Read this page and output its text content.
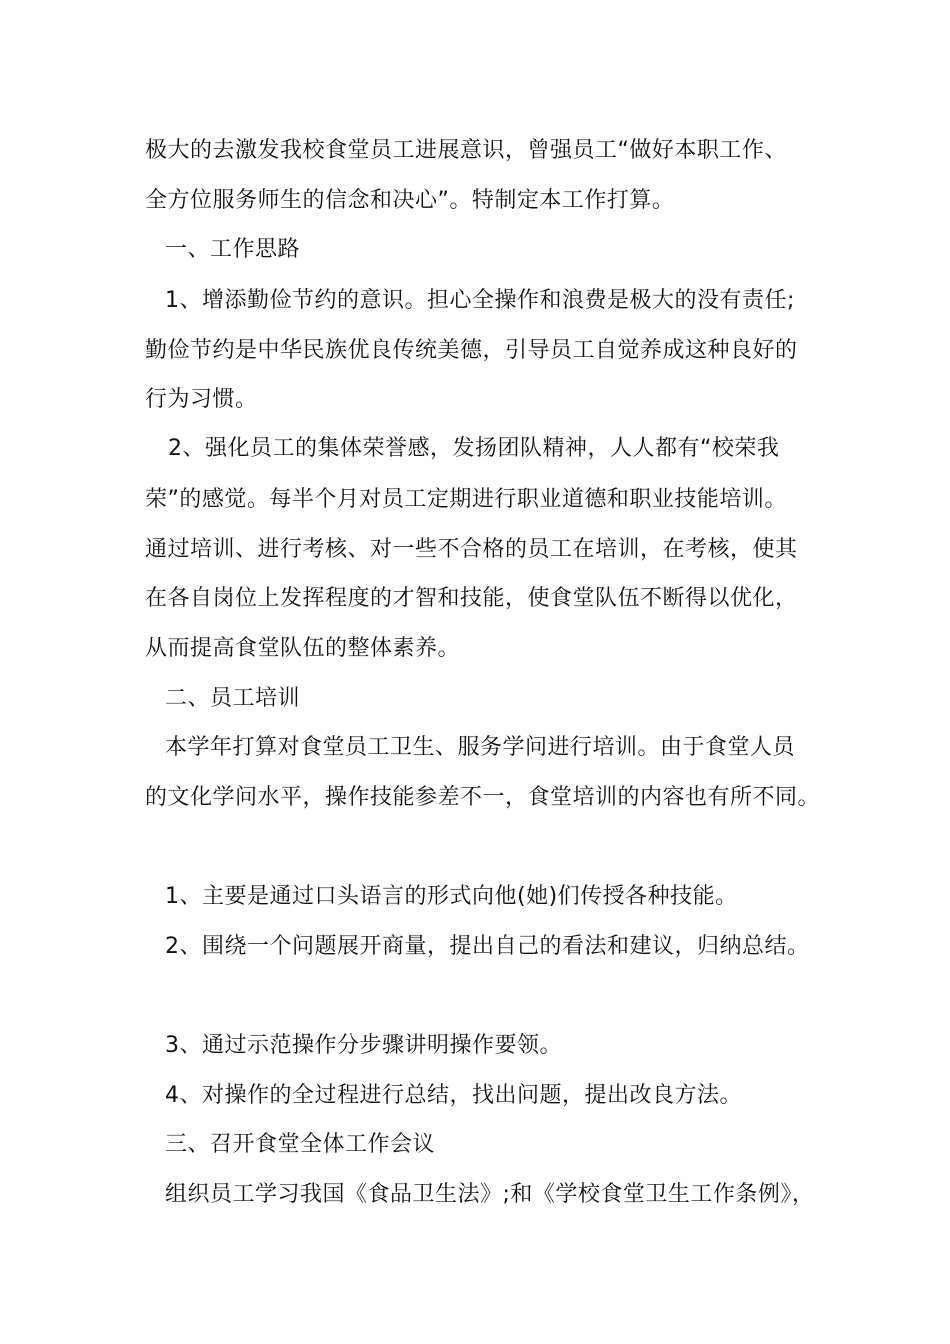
极大的去激发我校食堂员工进展意识，曾强员工“做好本职工作、
全方位服务师生的信念和决心”。特制定本工作打算。
一、工作思路
1、增添勤俭节约的意识。担心全操作和浪费是极大的没有责任;
勤俭节约是中华民族优良传统美德，引导员工自觉养成这种良好的
行为习惯。
2、强化员工的集体荣誉感，发扬团队精神，人人都有“校荣我
荣”的感觉。每半个月对员工定期进行职业道德和职业技能培训。
通过培训、进行考核、对一些不合格的员工在培训，在考核，使其
在各自岗位上发挥程度的才智和技能，使食堂队伍不断得以优化，
从而提高食堂队伍的整体素养。
二、员工培训
本学年打算对食堂员工卫生、服务学问进行培训。由于食堂人员
的文化学问水平，操作技能参差不一，食堂培训的内容也有所不同。
1、主要是通过口头语言的形式向他(她)们传授各种技能。
2、围绕一个问题展开商量，提出自己的看法和建议，归纳总结。
3、通过示范操作分步骤讲明操作要领。
4、对操作的全过程进行总结，找出问题，提出改良方法。
三、召开食堂全体工作会议
组织员工学习我国《食品卫生法》;和《学校食堂卫生工作条例》，
